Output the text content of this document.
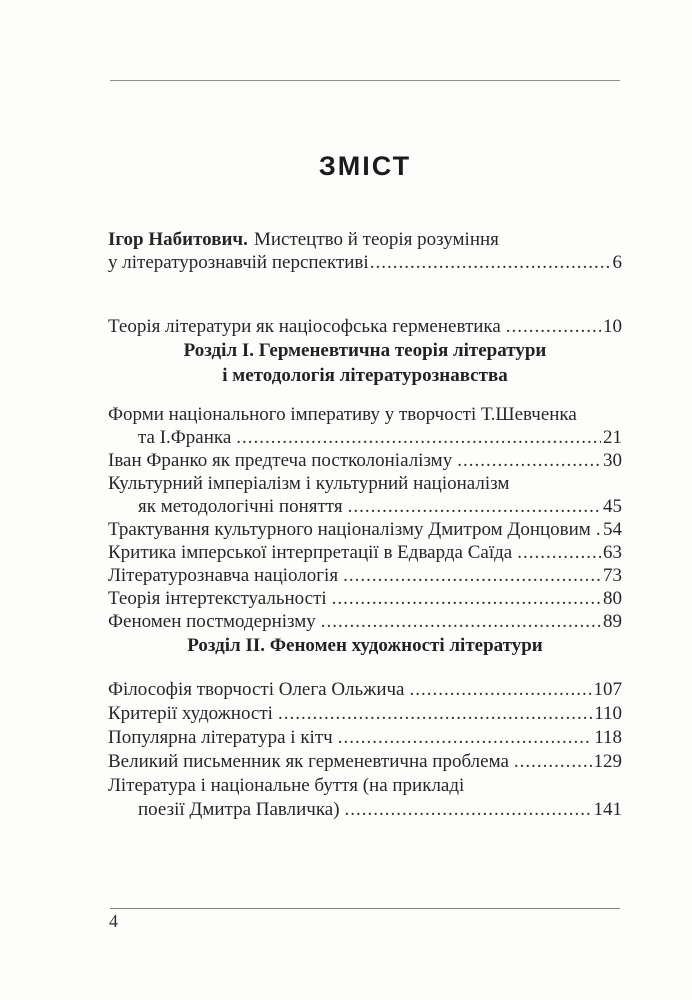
ЗМІСТ
Ігор Набитович. Мистецтво й теорія розуміння
у літературознавчій перспективі .....	6
Теорія літератури як націософська герменевтика .....	10
Розділ І. Герменевтична теорія літератури
і методологія літературознавства
Форми національного імперативу у творчості Т.Шевченка
та І.Франка .....	21
Іван Франко як предтеча постколоніалізму .....	30
Культурний імперіалізм і культурний націоналізм
як методологічні поняття .....	45
Трактування культурного націоналізму Дмитром Донцовим ..... 54
Критика імперської інтерпретації в Едварда Саїда .....	63
Літературознавча націологія .....	73
Теорія інтертекстуальності .....	80
Феномен постмодернізму .....	89
Розділ ІІ. Феномен художності літератури
Філософія творчості Олега Ольжича .....	107
Критерії художності .....	110
Популярна література і кітч .....	118
Великий письменник як герменевтична проблема .....	129
Література і національне буття (на прикладі
поезії Дмитра Павличка) .....	141
4
